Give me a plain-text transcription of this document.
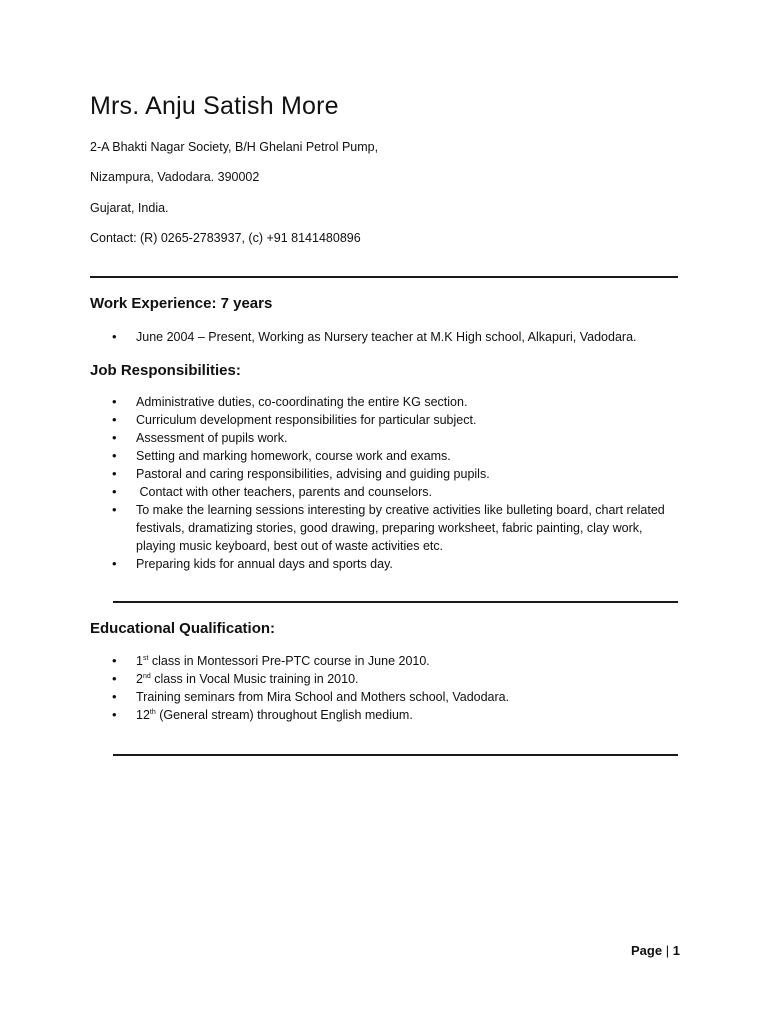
Mrs. Anju Satish More

2-A Bhakti Nagar Society, B/H Ghelani Petrol Pump,

Nizampura, Vadodara. 390002

Gujarat, India.

Contact: (R) 0265-2783937, (c) +91 8141480896

Work Experience: 7 years
• June 2004 – Present, Working as Nursery teacher at M.K High school, Alkapuri, Vadodara.
Job Responsibilities:
• Administrative duties, co-coordinating the entire KG section.
• Curriculum development responsibilities for particular subject.
• Assessment of pupils work.
• Setting and marking homework, course work and exams.
• Pastoral and caring responsibilities, advising and guiding pupils.
•  Contact with other teachers, parents and counselors.
• To make the learning sessions interesting by creative activities like bulleting board, chart related festivals, dramatizing stories, good drawing, preparing worksheet, fabric painting, clay work, playing music keyboard, best out of waste activities etc.
• Preparing kids for annual days and sports day.
Educational Qualification:
• 1st class in Montessori Pre-PTC course in June 2010.
• 2nd class in Vocal Music training in 2010.
• Training seminars from Mira School and Mothers school, Vadodara.
• 12th (General stream) throughout English medium.
Page | 1
